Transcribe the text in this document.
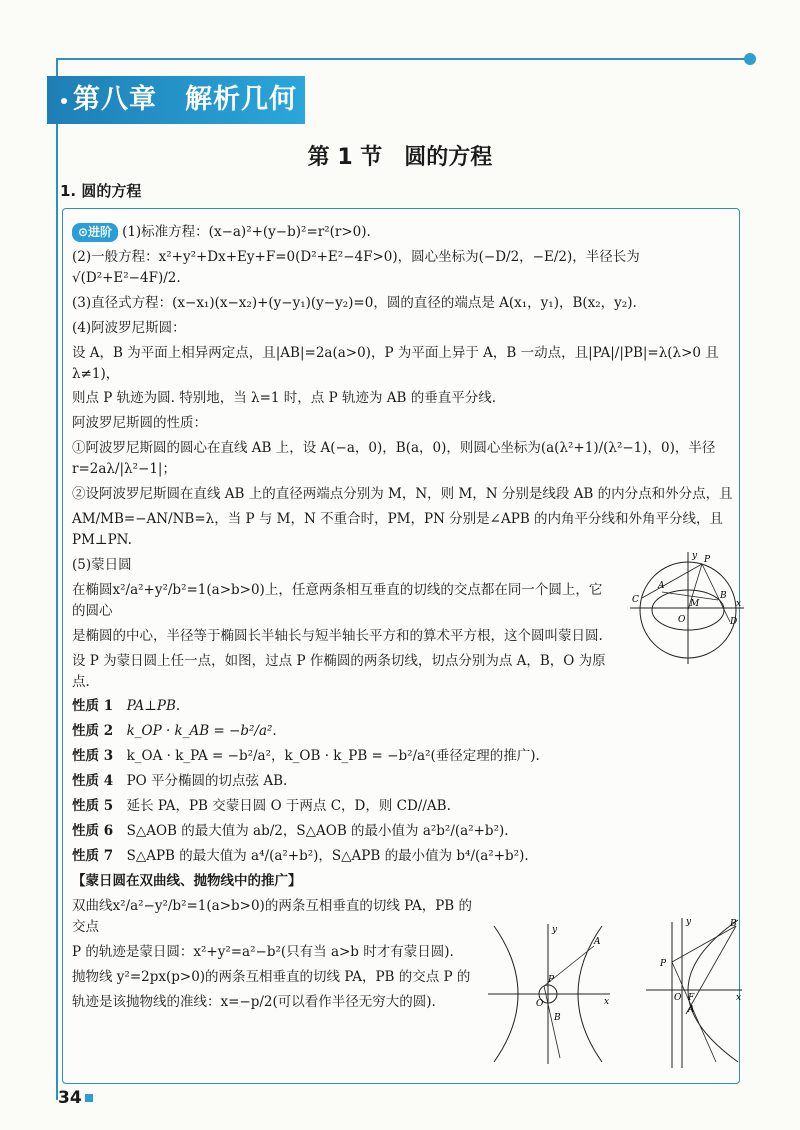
第八章　解析几何
第 1 节　圆的方程
1. 圆的方程

⊙进阶 (1)标准方程：(x−a)²+(y−b)²=r²(r>0).

(2)一般方程：x²+y²+Dx+Ey+F=0(D²+E²−4F>0)，圆心坐标为(−D/2，−E/2)，半径长为√(D²+E²−4F)/2.

(3)直径式方程：(x−x₁)(x−x₂)+(y−y₁)(y−y₂)=0，圆的直径的端点是 A(x₁，y₁)，B(x₂，y₂).

(4)阿波罗尼斯圆：

设 A，B 为平面上相异两定点，且|AB|=2a(a>0)，P 为平面上异于 A，B 一动点，且|PA|/|PB|=λ(λ>0 且 λ≠1)，

则点 P 轨迹为圆. 特别地，当 λ=1 时，点 P 轨迹为 AB 的垂直平分线.

阿波罗尼斯圆的性质：

①阿波罗尼斯圆的圆心在直线 AB 上，设 A(−a，0)，B(a，0)，则圆心坐标为(a(λ²+1)/(λ²−1)，0)，半径 r=2aλ/|λ²−1|；

②设阿波罗尼斯圆在直线 AB 上的直径两端点分别为 M，N，则 M，N 分别是线段 AB 的内分点和外分点，且

AM/MB=−AN/NB=λ，当 P 与 M，N 不重合时，PM，PN 分别是∠APB 的内角平分线和外角平分线，且 PM⊥PN.

(5)蒙日圆

在椭圆x²/a²+y²/b²=1(a>b>0)上，任意两条相互垂直的切线的交点都在同一个圆上，它的圆心

是椭圆的中心，半径等于椭圆长半轴长与短半轴长平方和的算术平方根，这个圆叫蒙日圆.

设 P 为蒙日圆上任一点，如图，过点 P 作椭圆的两条切线，切点分别为点 A，B，O 为原点.

性质 1　 PA⊥PB.

性质 2　 k_OP · k_AB = −b²/a².

性质 3　 k_OA · k_PA = −b²/a²，k_OB · k_PB = −b²/a²(垂径定理的推广).

性质 4　 PO 平分椭圆的切点弦 AB.

性质 5　 延长 PA，PB 交蒙日圆 O 于两点 C，D，则 CD//AB.

性质 6　 S△AOB 的最大值为 ab/2，S△AOB 的最小值为 a²b²/(a²+b²).

性质 7　 S△APB 的最大值为 a⁴/(a²+b²)，S△APB 的最小值为 b⁴/(a²+b²).

【蒙日圆在双曲线、抛物线中的推广】

双曲线x²/a²−y²/b²=1(a>b>0)的两条互相垂直的切线 PA，PB 的交点

P 的轨迹是蒙日圆：x²+y²=a²−b²(只有当 a>b 时才有蒙日圆).

抛物线 y²=2px(p>0)的两条互相垂直的切线 PA，PB 的交点 P 的

轨迹是该抛物线的准线：x=−p/2(可以看作半径无穷大的圆).

y P
A
C	M
B
O	D
x
y
A
P
O
B
x
y	B
P
O F
A
x
34
